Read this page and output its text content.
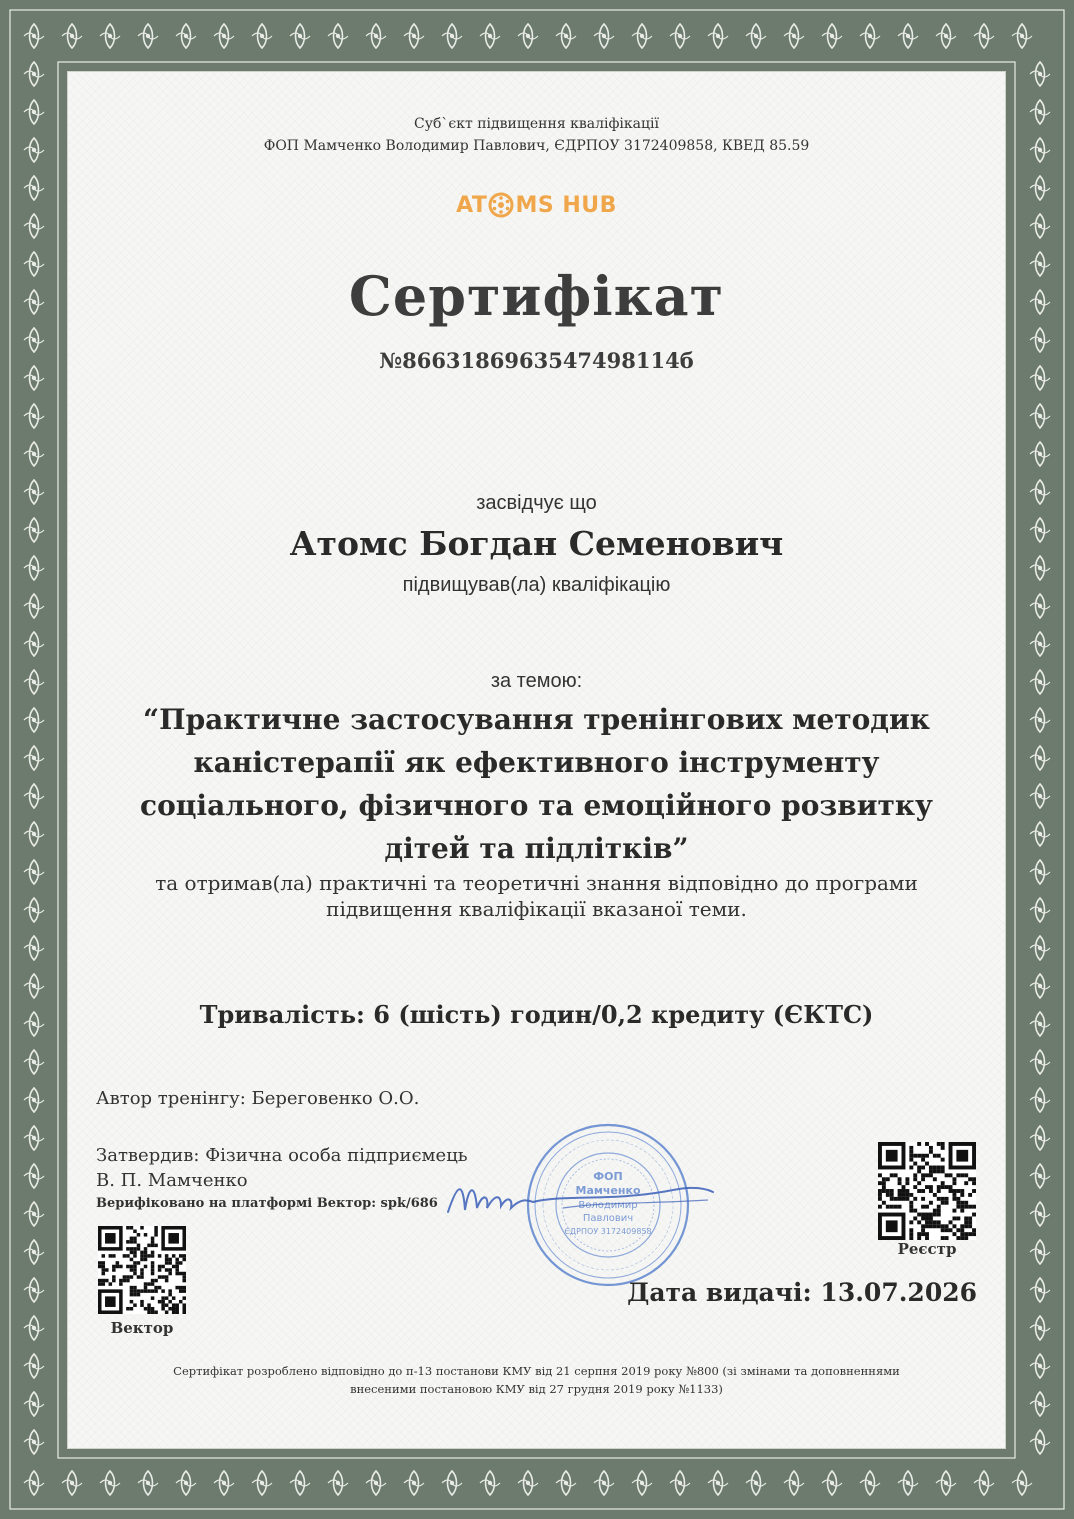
Суб`єкт підвищення кваліфікації
ФОП Мамченко Володимир Павлович, ЄДРПОУ 3172409858, КВЕД 85.59
AT MS HUB
Сертифікат
№8663186963547498114б
засвідчує що
Атомс Богдан Семенович
підвищував(ла) кваліфікацію
за темою:
“Практичне застосування тренінгових методик каністерапії як ефективного інструменту соціального, фізичного та емоційного розвитку дітей та підлітків”
та отримав(ла) практичні та теоретичні знання відповідно до програми підвищення кваліфікації вказаної теми.
Тривалість: 6 (шість) годин/0,2 кредиту (ЄКТС)
Автор тренінгу: Береговенко О.О.
Затвердив: Фізична особа підприємець
В. П. Мамченко
Верифіковано на платформі Вектор: spk/686
Вектор
Реєстр
ФОП
Мамченко
Володимир
Павлович
ЄДРПОУ 3172409858
Дата видачі: 13.07.2026
Сертифікат розроблено відповідно до п-13 постанови КМУ від 21 серпня 2019 року №800 (зі змінами та доповненнями внесеними постановою КМУ від 27 грудня 2019 року №1133)
